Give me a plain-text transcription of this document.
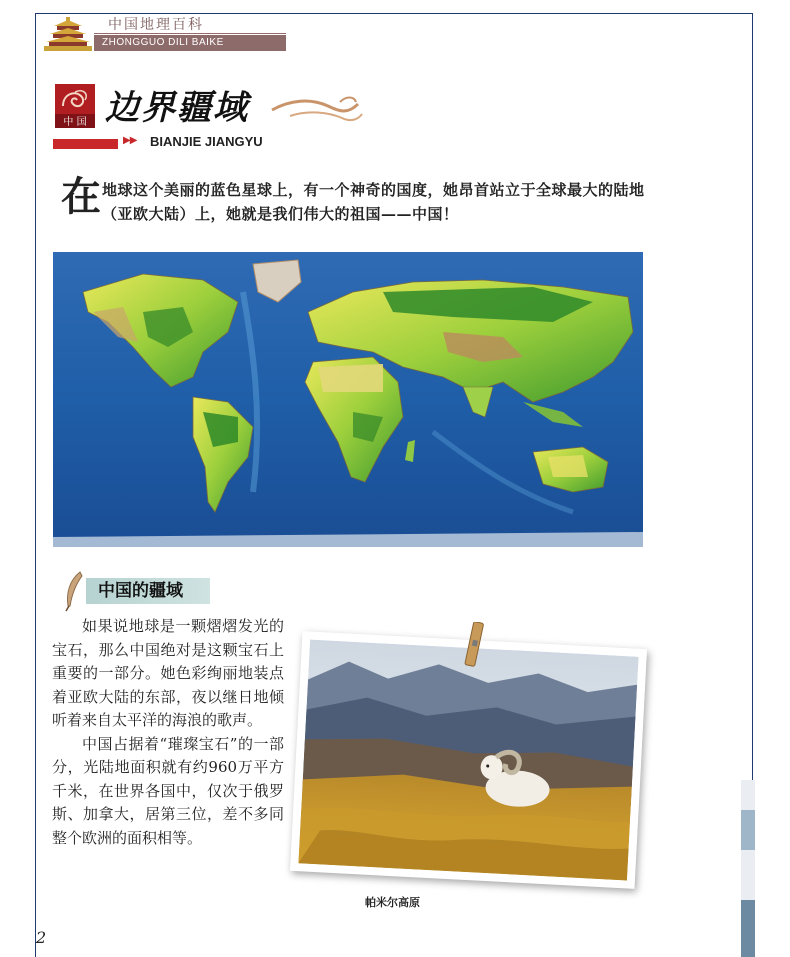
中国地理百科
ZHONGGUO DILI BAIKE
中 国 边界疆域
▶▶ BIANJIE JIANGYU
在 地球这个美丽的蓝色星球上，有一个神奇的国度，她昂首站立于全球最大的陆地（亚欧大陆）上，她就是我们伟大的祖国——中国！
中国的疆域

如果说地球是一颗熠熠发光的宝石，那么中国绝对是这颗宝石上重要的一部分。她色彩绚丽地装点着亚欧大陆的东部，夜以继日地倾听着来自太平洋的海浪的歌声。

中国占据着“璀璨宝石”的一部分，光陆地面积就有约960万平方千米，在世界各国中，仅次于俄罗斯、加拿大，居第三位，差不多同整个欧洲的面积相等。

帕米尔高原
2
